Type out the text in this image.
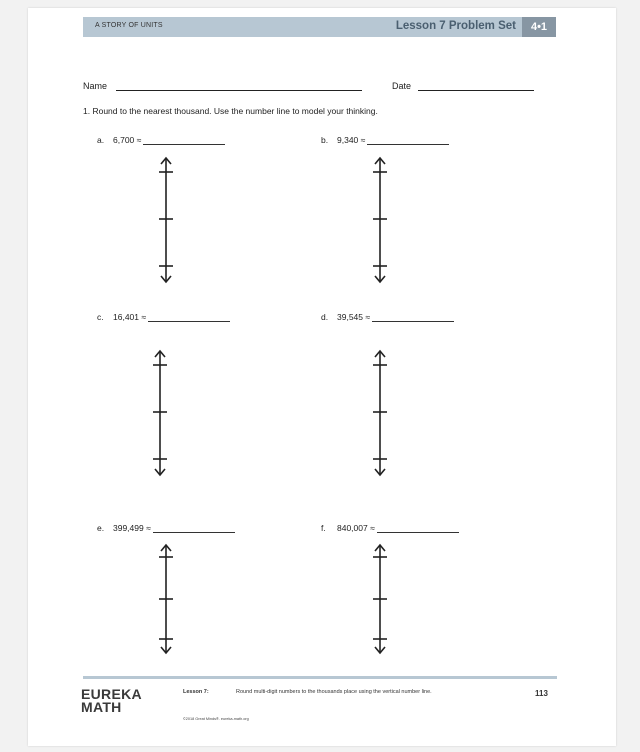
A STORY OF UNITS	Lesson 7 Problem Set	4•1
Name	Date
1. Round to the nearest thousand. Use the number line to model your thinking.
a. 6,700 ≈	b. 9,340 ≈
c. 16,401 ≈	d. 39,545 ≈
e. 399,499 ≈	f. 840,007 ≈
EUREKA
MATH
Lesson 7:	Round multi-digit numbers to the thousands place using the vertical number line.	113
©2018 Great Minds®. eureka-math.org
